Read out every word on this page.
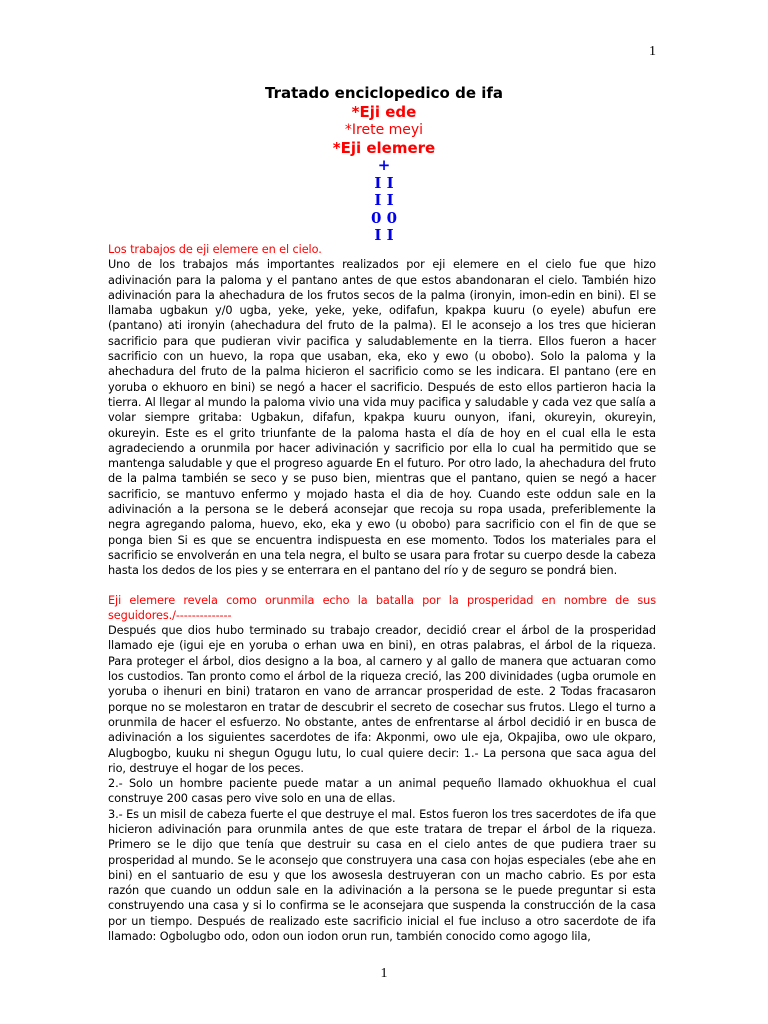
1
Tratado enciclopedico de ifa
*Eji ede
*Irete meyi
*Eji elemere
+
I I
I I
0 0
I I

Los trabajos de eji elemere en el cielo.

Uno de los trabajos más importantes realizados por eji elemere en el cielo fue que hizo adivinación para la paloma y el pantano antes de que estos abandonaran el cielo. También hizo adivinación para la ahechadura de los frutos secos de la palma (ironyin, imon-edin en bini). El se llamaba ugbakun y/0 ugba, yeke, yeke, yeke, odifafun, kpakpa kuuru (o eyele) abufun ere (pantano) ati ironyin (ahechadura del fruto de la palma). El le aconsejo a los tres que hicieran sacrificio para que pudieran vivir pacifica y saludablemente en la tierra. Ellos fueron a hacer sacrificio con un huevo, la ropa que usaban, eka, eko y ewo (u obobo). Solo la paloma y la ahechadura del fruto de la palma hicieron el sacrificio como se les indicara. El pantano (ere en yoruba o ekhuoro en bini) se negó a hacer el sacrificio. Después de esto ellos partieron hacia la tierra. Al llegar al mundo la paloma vivio una vida muy pacifica y saludable y cada vez que salía a volar siempre gritaba: Ugbakun, difafun, kpakpa kuuru ounyon, ifani, okureyin, okureyin, okureyin. Este es el grito triunfante de la paloma hasta el día de hoy en el cual ella le esta agradeciendo a orunmila por hacer adivinación y sacrificio por ella lo cual ha permitido que se mantenga saludable y que el progreso aguarde En el futuro. Por otro lado, la ahechadura del fruto de la palma también se seco y se puso bien, mientras que el pantano, quien se negó a hacer sacrificio, se mantuvo enfermo y mojado hasta el dia de hoy. Cuando este oddun sale en la adivinación a la persona se le deberá aconsejar que recoja su ropa usada, preferiblemente la negra agregando paloma, huevo, eko, eka y ewo (u obobo) para sacrificio con el fin de que se ponga bien Si es que se encuentra indispuesta en ese momento. Todos los materiales para el sacrificio se envolverán en una tela negra, el bulto se usara para frotar su cuerpo desde la cabeza hasta los dedos de los pies y se enterrara en el pantano del río y de seguro se pondrá bien.

Eji elemere revela como orunmila echo la batalla por la prosperidad en nombre de sus seguidores./--------------

Después que dios hubo terminado su trabajo creador, decidió crear el árbol de la prosperidad llamado eje (igui eje en yoruba o erhan uwa en bini), en otras palabras, el árbol de la riqueza. Para proteger el árbol, dios designo a la boa, al carnero y al gallo de manera que actuaran como los custodios. Tan pronto como el árbol de la riqueza creció, las 200 divinidades (ugba orumole en yoruba o ihenuri en bini) trataron en vano de arrancar prosperidad de este. 2 Todas fracasaron porque no se molestaron en tratar de descubrir el secreto de cosechar sus frutos. Llego el turno a orunmila de hacer el esfuerzo. No obstante, antes de enfrentarse al árbol decidió ir en busca de adivinación a los siguientes sacerdotes de ifa: Akponmi, owo ule eja, Okpajiba, owo ule okparo, Alugbogbo, kuuku ni shegun Ogugu lutu, lo cual quiere decir: 1.- La persona que saca agua del rio, destruye el hogar de los peces.

2.- Solo un hombre paciente puede matar a un animal pequeño llamado okhuokhua el cual construye 200 casas pero vive solo en una de ellas.

3.- Es un misil de cabeza fuerte el que destruye el mal. Estos fueron los tres sacerdotes de ifa que hicieron adivinación para orunmila antes de que este tratara de trepar el árbol de la riqueza. Primero se le dijo que tenía que destruir su casa en el cielo antes de que pudiera traer su prosperidad al mundo. Se le aconsejo que construyera una casa con hojas especiales (ebe ahe en bini) en el santuario de esu y que los awosesla destruyeran con un macho cabrio. Es por esta razón que cuando un oddun sale en la adivinación a la persona se le puede preguntar si esta construyendo una casa y si lo confirma se le aconsejara que suspenda la construcción de la casa por un tiempo. Después de realizado este sacrificio inicial el fue incluso a otro sacerdote de ifa llamado: Ogbolugbo odo, odon oun iodon orun run, también conocido como agogo lila,

1
